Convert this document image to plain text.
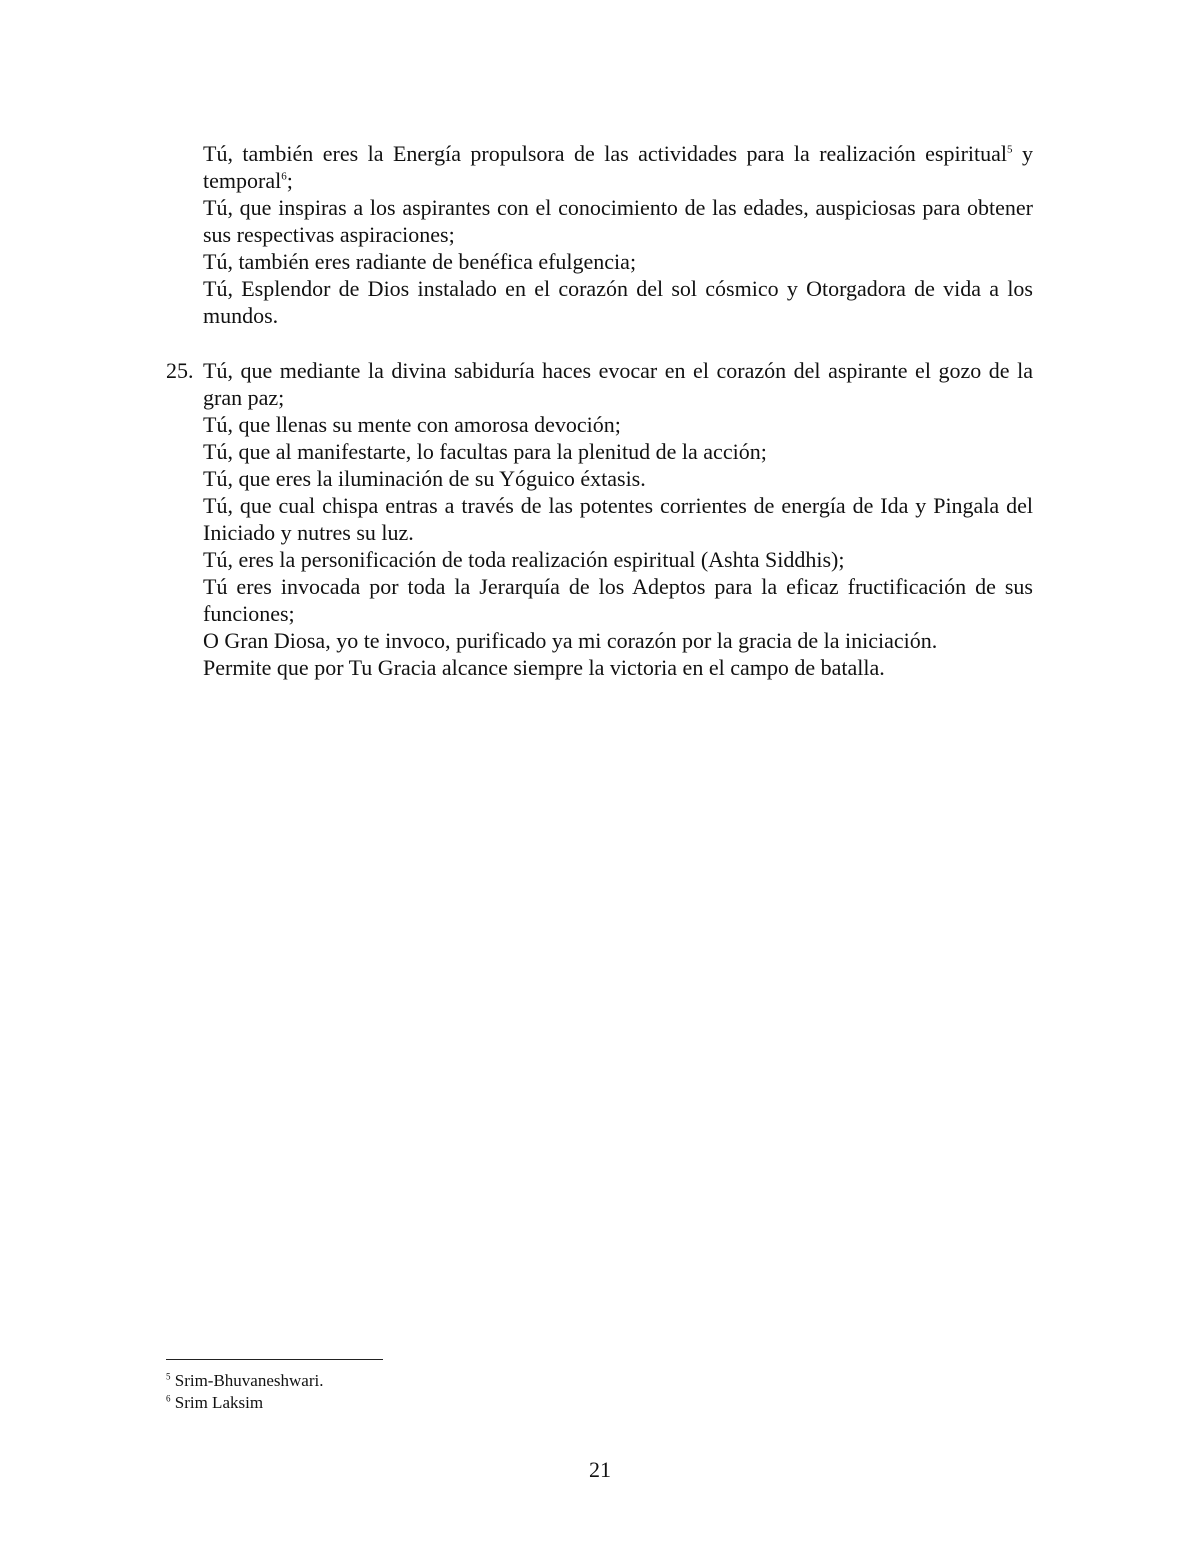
Tú, también eres la Energía propulsora de las actividades para la realización espiritual$^5$ y temporal$^6$;

Tú, que inspiras a los aspirantes con el conocimiento de las edades, auspiciosas para obtener sus respectivas aspiraciones;

Tú, también eres radiante de benéfica efulgencia;

Tú, Esplendor de Dios instalado en el corazón del sol cósmico y Otorgadora de vida a los mundos.

25. Tú, que mediante la divina sabiduría haces evocar en el corazón del aspirante el gozo de la gran paz;

Tú, que llenas su mente con amorosa devoción;

Tú, que al manifestarte, lo facultas para la plenitud de la acción;

Tú, que eres la iluminación de su Yóguico éxtasis.

Tú, que cual chispa entras a través de las potentes corrientes de energía de Ida y Pingala del Iniciado y nutres su luz.

Tú, eres la personificación de toda realización espiritual (Ashta Siddhis);

Tú eres invocada por toda la Jerarquía de los Adeptos para la eficaz fructificación de sus funciones;

O Gran Diosa, yo te invoco, purificado ya mi corazón por la gracia de la iniciación.

Permite que por Tu Gracia alcance siempre la victoria en el campo de batalla.

$^5$ Srim-Bhuvaneshwari.

$^6$ Srim Laksim

21
